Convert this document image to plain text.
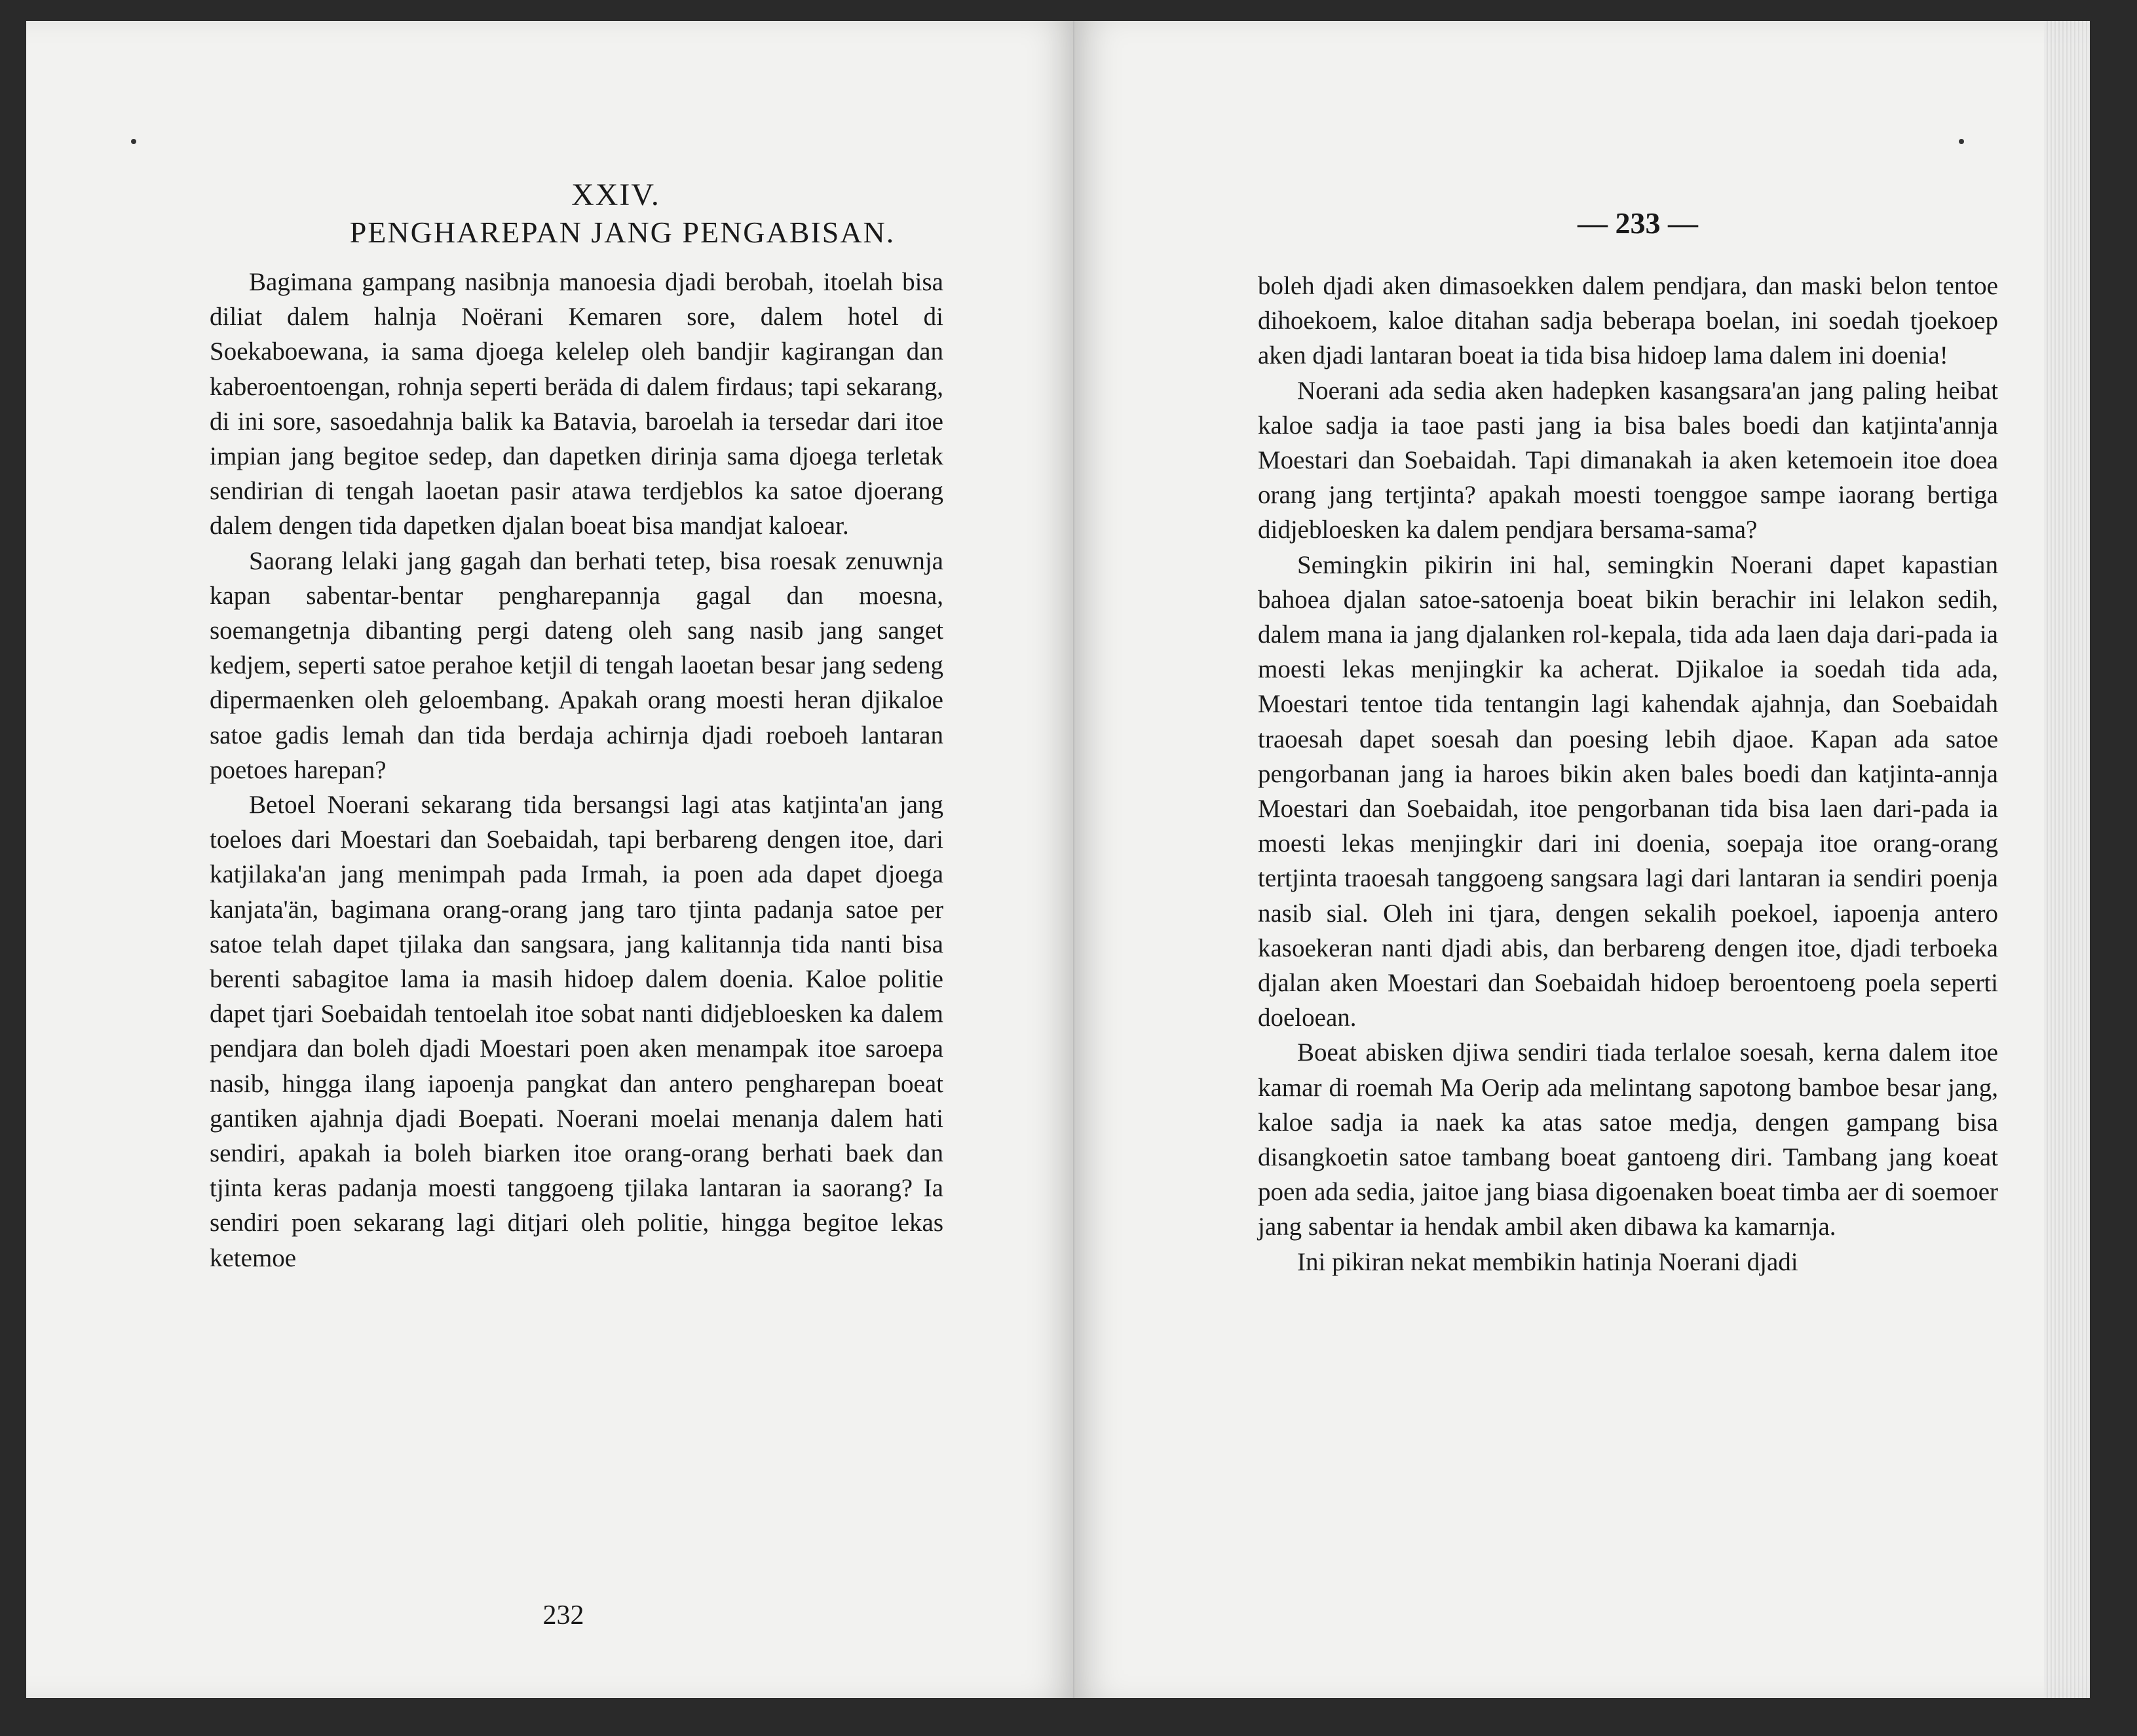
XXIV.
PENGHAREPAN JANG PENGABISAN.

Bagimana gampang nasibnja manoesia djadi berobah, itoelah bisa diliat dalem halnja Noërani Kemaren sore, dalem hotel di Soekaboewana, ia sama djoega kelelep oleh bandjir kagirangan dan kaberoentoengan, rohnja seperti beräda di dalem firdaus; tapi sekarang, di ini sore, sasoedahnja balik ka Batavia, baroelah ia tersedar dari itoe impian jang begitoe sedep, dan dapetken dirinja sama djoega terletak sendirian di tengah laoetan pasir atawa terdjeblos ka satoe djoerang dalem dengen tida dapetken djalan boeat bisa mandjat kaloear.

Saorang lelaki jang gagah dan berhati tetep, bisa roesak zenuwnja kapan sabentar-bentar pengharepannja gagal dan moesna, soemangetnja dibanting pergi dateng oleh sang nasib jang sanget kedjem, seperti satoe perahoe ketjil di tengah laoetan besar jang sedeng dipermaenken oleh geloembang. Apakah orang moesti heran djikaloe satoe gadis lemah dan tida berdaja achirnja djadi roeboeh lantaran poetoes harepan?

Betoel Noerani sekarang tida bersangsi lagi atas katjinta'an jang toeloes dari Moestari dan Soebaidah, tapi berbareng dengen itoe, dari katjilaka'an jang menimpah pada Irmah, ia poen ada dapet djoega kanjata'än, bagimana orang-orang jang taro tjinta padanja satoe per satoe telah dapet tjilaka dan sangsara, jang kalitannja tida nanti bisa berenti sabagitoe lama ia masih hidoep dalem doenia. Kaloe politie dapet tjari Soebaidah tentoelah itoe sobat nanti didjebloesken ka dalem pendjara dan boleh djadi Moestari poen aken menampak itoe saroepa nasib, hingga ilang iapoenja pangkat dan antero pengharepan boeat gantiken ajahnja djadi Boepati. Noerani moelai menanja dalem hati sendiri, apakah ia boleh biarken itoe orang-orang berhati baek dan tjinta keras padanja moesti tanggoeng tjilaka lantaran ia saorang? Ia sendiri poen sekarang lagi ditjari oleh politie, hingga begitoe lekas ketemoe

232
— 233 —

boleh djadi aken dimasoekken dalem pendjara, dan maski belon tentoe dihoekoem, kaloe ditahan sadja beberapa boelan, ini soedah tjoekoep aken djadi lantaran boeat ia tida bisa hidoep lama dalem ini doenia!

Noerani ada sedia aken hadepken kasangsara'an jang paling heibat kaloe sadja ia taoe pasti jang ia bisa bales boedi dan katjinta'annja Moestari dan Soebaidah. Tapi dimanakah ia aken ketemoein itoe doea orang jang tertjinta? apakah moesti toenggoe sampe iaorang bertiga didjebloesken ka dalem pendjara bersama-sama?

Semingkin pikirin ini hal, semingkin Noerani dapet kapastian bahoea djalan satoe-satoenja boeat bikin berachir ini lelakon sedih, dalem mana ia jang djalanken rol-kepala, tida ada laen daja dari-pada ia moesti lekas menjingkir ka acherat. Djikaloe ia soedah tida ada, Moestari tentoe tida tentangin lagi kahendak ajahnja, dan Soebaidah traoesah dapet soesah dan poesing lebih djaoe. Kapan ada satoe pengorbanan jang ia haroes bikin aken bales boedi dan katjinta-annja Moestari dan Soebaidah, itoe pengorbanan tida bisa laen dari-pada ia moesti lekas menjingkir dari ini doenia, soepaja itoe orang-orang tertjinta traoesah tanggoeng sangsara lagi dari lantaran ia sendiri poenja nasib sial. Oleh ini tjara, dengen sekalih poekoel, iapoenja antero kasoekeran nanti djadi abis, dan berbareng dengen itoe, djadi terboeka djalan aken Moestari dan Soebaidah hidoep beroentoeng poela seperti doeloean.

Boeat abisken djiwa sendiri tiada terlaloe soesah, kerna dalem itoe kamar di roemah Ma Oerip ada melintang sapotong bamboe besar jang, kaloe sadja ia naek ka atas satoe medja, dengen gampang bisa disangkoetin satoe tambang boeat gantoeng diri. Tambang jang koeat poen ada sedia, jaitoe jang biasa digoenaken boeat timba aer di soemoer jang sabentar ia hendak ambil aken dibawa ka kamarnja.

Ini pikiran nekat membikin hatinja Noerani djadi
